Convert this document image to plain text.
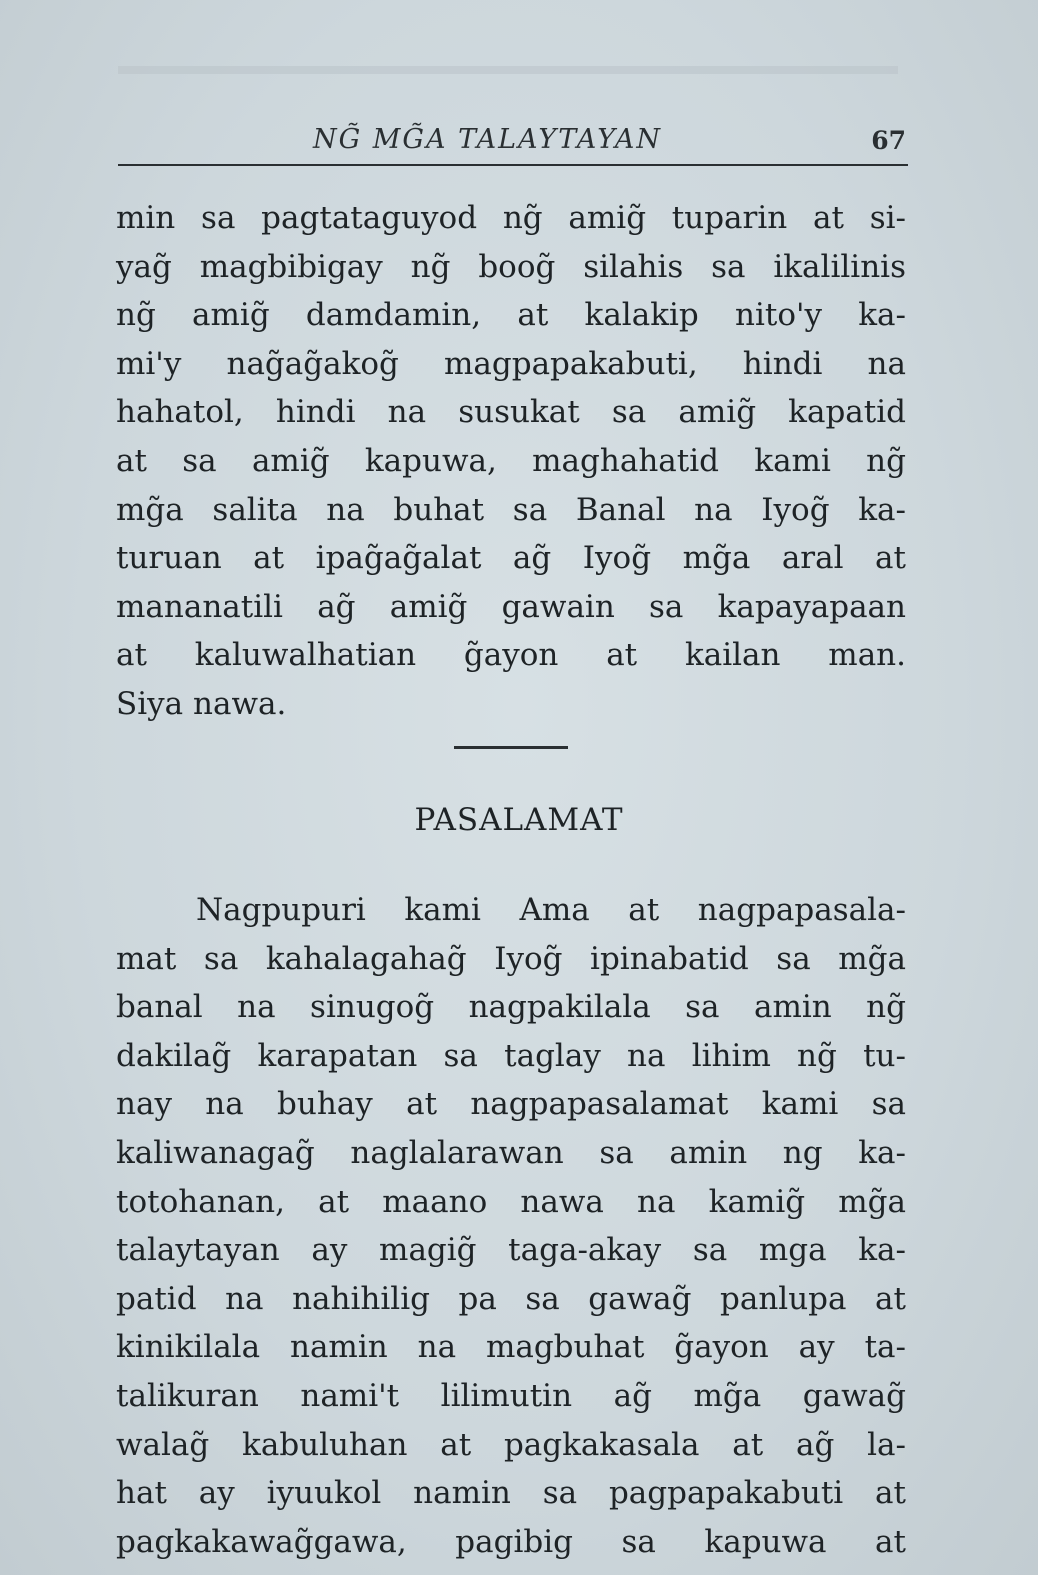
NG̃ MG̃A TALAYTAYAN	67
min sa pagtataguyod ng̃ amig̃ tuparin at si-
yag̃ magbibigay ng̃ boog̃ silahis sa ikalilinis
ng̃ amig̃ damdamin, at kalakip nito'y ka-
mi'y nag̃ag̃akog̃ magpapakabuti, hindi na
hahatol, hindi na susukat sa amig̃ kapatid
at sa amig̃ kapuwa, maghahatid kami ng̃
mg̃a salita na buhat sa Banal na Iyog̃ ka-
turuan at ipag̃ag̃alat ag̃ Iyog̃ mg̃a aral at
mananatili ag̃ amig̃ gawain sa kapayapaan
at kaluwalhatian g̃ayon at kailan man.
Siya nawa.
PASALAMAT
Nagpupuri kami Ama at nagpapasala-
mat sa kahalagahag̃ Iyog̃ ipinabatid sa mg̃a
banal na sinugog̃ nagpakilala sa amin ng̃
dakilag̃ karapatan sa taglay na lihim ng̃ tu-
nay na buhay at nagpapasalamat kami sa
kaliwanagag̃ naglalarawan sa amin ng ka-
totohanan, at maano nawa na kamig̃ mg̃a
talaytayan ay magig̃ taga-akay sa mga ka-
patid na nahihilig pa sa gawag̃ panlupa at
kinikilala namin na magbuhat g̃ayon ay ta-
talikuran nami't lilimutin ag̃ mg̃a gawag̃
walag̃ kabuluhan at pagkakasala at ag̃ la-
hat ay iyuukol namin sa pagpapakabuti at
pagkakawag̃gawa, pagibig sa kapuwa at
